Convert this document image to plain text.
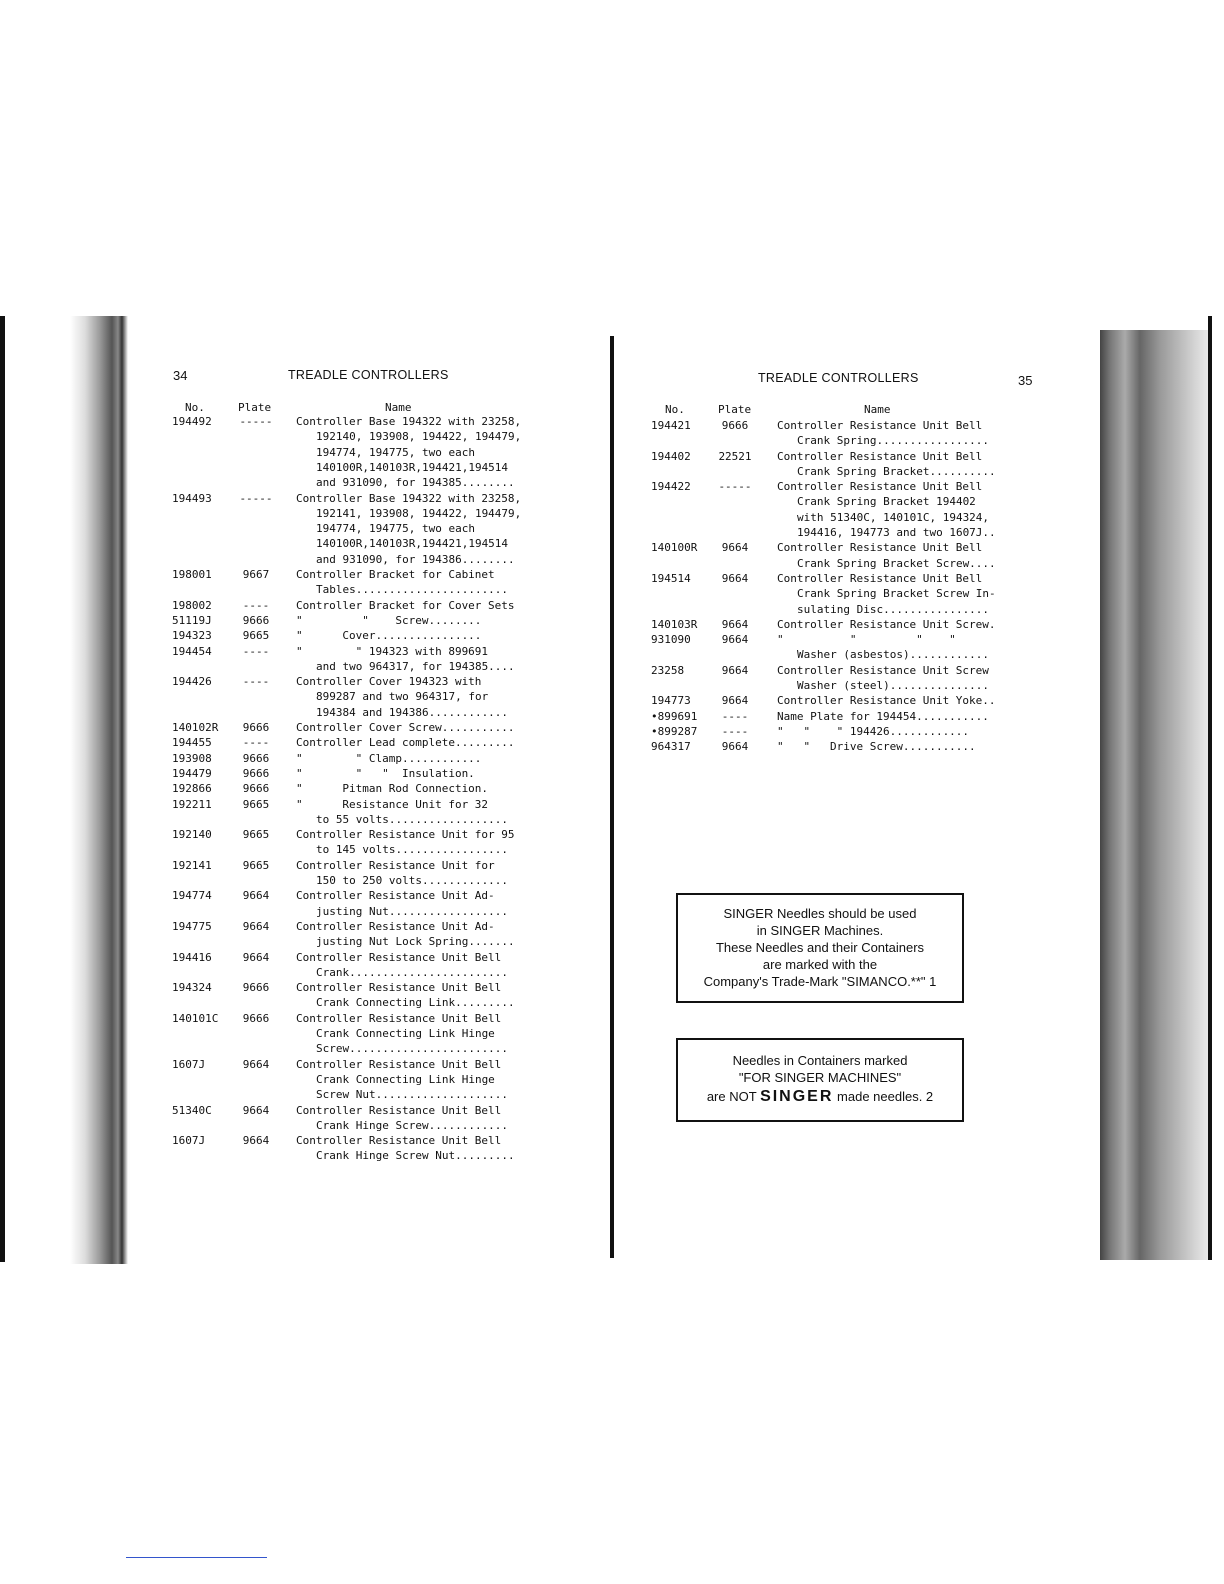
34	TREADLE CONTROLLERS
No.	Plate	Name
194492	-----	Controller Base 194322 with 23258,
192140, 193908, 194422, 194479,
194774, 194775, two each
140100R,140103R,194421,194514
and 931090, for 194385........
194493	-----	Controller Base 194322 with 23258,
192141, 193908, 194422, 194479,
194774, 194775, two each
140100R,140103R,194421,194514
and 931090, for 194386........
198001	9667	Controller Bracket for Cabinet
Tables.......................
198002	----	Controller Bracket for Cover Sets
51119J	9666	"         "    Screw........
194323	9665	"      Cover................
194454	----	"        " 194323 with 899691
and two 964317, for 194385....
194426	----	Controller Cover 194323 with
899287 and two 964317, for
194384 and 194386............
140102R	9666	Controller Cover Screw...........
194455	----	Controller Lead complete.........
193908	9666	"        " Clamp............
194479	9666	"        "   "  Insulation.
192866	9666	"      Pitman Rod Connection.
192211	9665	"      Resistance Unit for 32
to 55 volts..................
192140	9665	Controller Resistance Unit for 95
to 145 volts.................
192141	9665	Controller Resistance Unit for
150 to 250 volts.............
194774	9664	Controller Resistance Unit Ad-
justing Nut..................
194775	9664	Controller Resistance Unit Ad-
justing Nut Lock Spring.......
194416	9664	Controller Resistance Unit Bell
Crank........................
194324	9666	Controller Resistance Unit Bell
Crank Connecting Link.........
140101C	9666	Controller Resistance Unit Bell
Crank Connecting Link Hinge
Screw........................
1607J	9664	Controller Resistance Unit Bell
Crank Connecting Link Hinge
Screw Nut....................
51340C	9664	Controller Resistance Unit Bell
Crank Hinge Screw............
1607J	9664	Controller Resistance Unit Bell
Crank Hinge Screw Nut.........
TREADLE CONTROLLERS	35
No.	Plate	Name
194421	9666	Controller Resistance Unit Bell
Crank Spring.................
194402	22521	Controller Resistance Unit Bell
Crank Spring Bracket..........
194422	-----	Controller Resistance Unit Bell
Crank Spring Bracket 194402
with 51340C, 140101C, 194324,
194416, 194773 and two 1607J..
140100R	9664	Controller Resistance Unit Bell
Crank Spring Bracket Screw....
194514	9664	Controller Resistance Unit Bell
Crank Spring Bracket Screw In-
sulating Disc................
140103R	9664	Controller Resistance Unit Screw.
931090	9664	"          "         "    "
Washer (asbestos)............
23258	9664	Controller Resistance Unit Screw
Washer (steel)...............
194773	9664	Controller Resistance Unit Yoke..
•899691	----	Name Plate for 194454...........
•899287	----	"   "    " 194426............
964317	9664	"   "   Drive Screw...........
SINGER Needles should be used
in SINGER Machines.
These Needles and their Containers
are marked with the
Company's Trade-Mark "SIMANCO.**" 1
Needles in Containers marked
"FOR SINGER MACHINES"
are NOT SINGER made needles. 2
